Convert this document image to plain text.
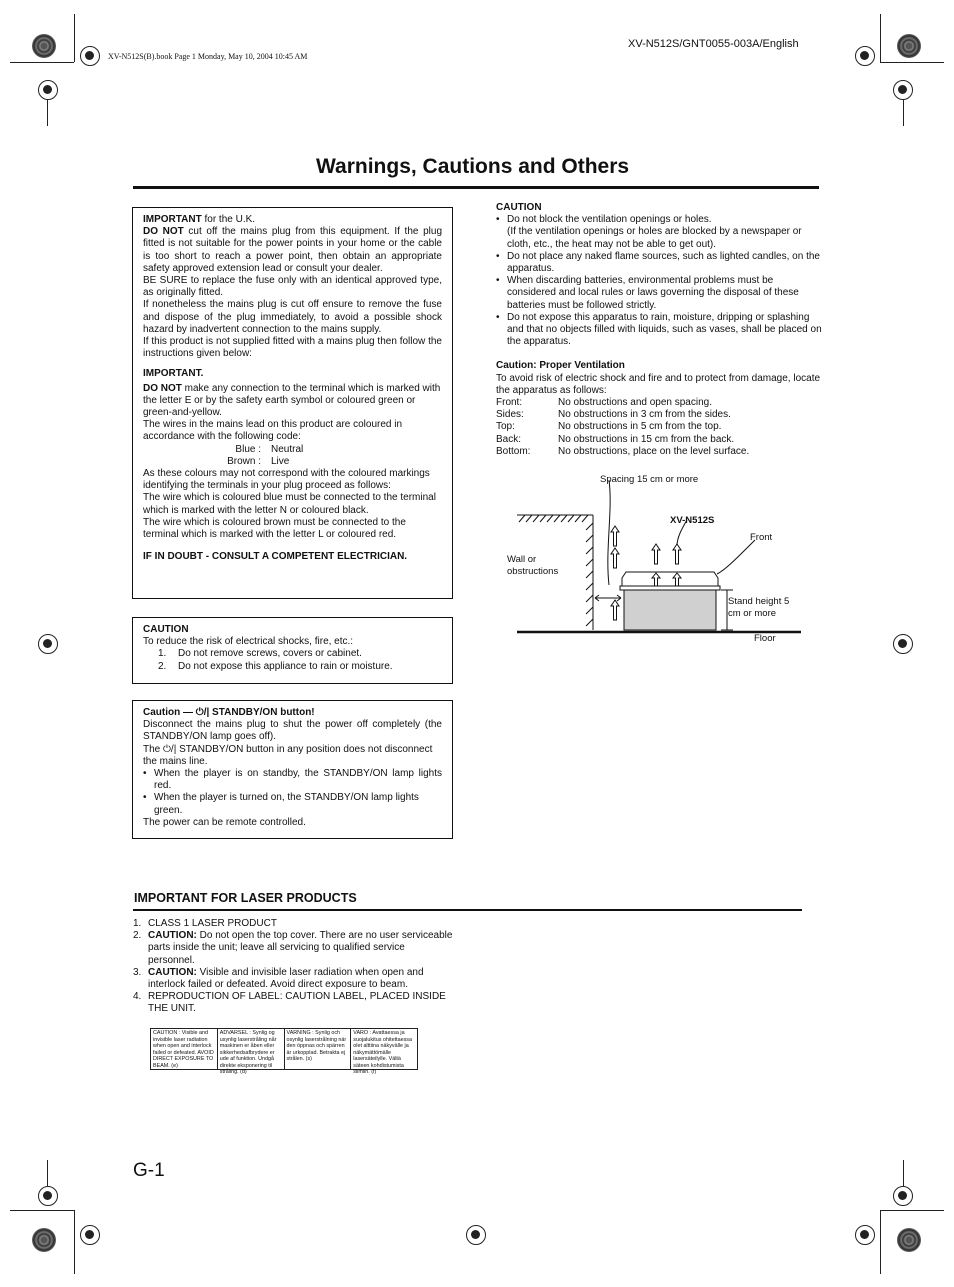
XV-N512S(B).book Page 1 Monday, May 10, 2004 10:45 AM
XV-N512S/GNT0055-003A/English
Warnings, Cautions and Others

IMPORTANT for the U.K.

DO NOT cut off the mains plug from this equipment. If the plug fitted is not suitable for the power points in your home or the cable is too short to reach a power point, then obtain an appropriate safety approved extension lead or consult your dealer.

BE SURE to replace the fuse only with an identical approved type, as originally fitted.

If nonetheless the mains plug is cut off ensure to remove the fuse and dispose of the plug immediately, to avoid a possible shock hazard by inadvertent connection to the mains supply.

If this product is not supplied fitted with a mains plug then follow the instructions given below:

IMPORTANT.

DO NOT make any connection to the terminal which is marked with the letter E or by the safety earth symbol or coloured green or green-and-yellow.

The wires in the mains lead on this product are coloured in accordance with the following code:

Blue :	Neutral

Brown :	Live

As these colours may not correspond with the coloured markings identifying the terminals in your plug proceed as follows:

The wire which is coloured blue must be connected to the terminal which is marked with the letter N or coloured black.

The wire which is coloured brown must be connected to the terminal which is marked with the letter L or coloured red.

IF IN DOUBT - CONSULT A COMPETENT ELECTRICIAN.

CAUTION

To reduce the risk of electrical shocks, fire, etc.:

1.	Do not remove screws, covers or cabinet.

2.	Do not expose this appliance to rain or moisture.

Caution — ⏻/| STANDBY/ON button!

Disconnect the mains plug to shut the power off completely (the STANDBY/ON lamp goes off).

The ⏻/| STANDBY/ON button in any position does not disconnect the mains line.

• When the player is on standby, the STANDBY/ON lamp lights red.

• When the player is turned on, the STANDBY/ON lamp lights green.

The power can be remote controlled.

CAUTION

• Do not block the ventilation openings or holes.

(If the ventilation openings or holes are blocked by a newspaper or cloth, etc., the heat may not be able to get out).

• Do not place any naked flame sources, such as lighted candles, on the apparatus.

• When discarding batteries, environmental problems must be considered and local rules or laws governing the disposal of these batteries must be followed strictly.

• Do not expose this apparatus to rain, moisture, dripping or splashing and that no objects filled with liquids, such as vases, shall be placed on the apparatus.

Caution: Proper Ventilation

To avoid risk of electric shock and fire and to protect from damage, locate the apparatus as follows:

Front:	No obstructions and open spacing.
Sides:	No obstructions in 3 cm from the sides.
Top:	No obstructions in 5 cm from the top.
Back:	No obstructions in 15 cm from the back.
Bottom:	No obstructions, place on the level surface.
Spacing 15 cm or more
XV-N512S
Front
Wall or obstructions
Stand height 5 cm or more
Floor
IMPORTANT FOR LASER PRODUCTS
1. CLASS 1 LASER PRODUCT
2. CAUTION: Do not open the top cover. There are no user serviceable parts inside the unit; leave all servicing to qualified service personnel.
3. CAUTION: Visible and invisible laser radiation when open and interlock failed or defeated. Avoid direct exposure to beam.
4. REPRODUCTION OF LABEL: CAUTION LABEL, PLACED INSIDE THE UNIT.
CAUTION : Visible and invisible laser radiation when open and interlock failed or defeated. AVOID DIRECT EXPOSURE TO BEAM. (e)
ADVARSEL : Synlig og usynlig laserstråling når maskinen er åben eller sikkerhedsafbrydere er ude af funktion. Undgå direkte eksponering til stråling. (d)
VARNING : Synlig och osynlig laserstrålning när den öppnas och spärren är urkopplad. Betrakta ej strålen. (s)
VARO : Avattaessa ja suojalukitus ohitettaessa olet alttiina näkyvälle ja näkymättömälle lasersäteilylle. Vältä säteen kohdistumista silmiin. (f)
G-1
